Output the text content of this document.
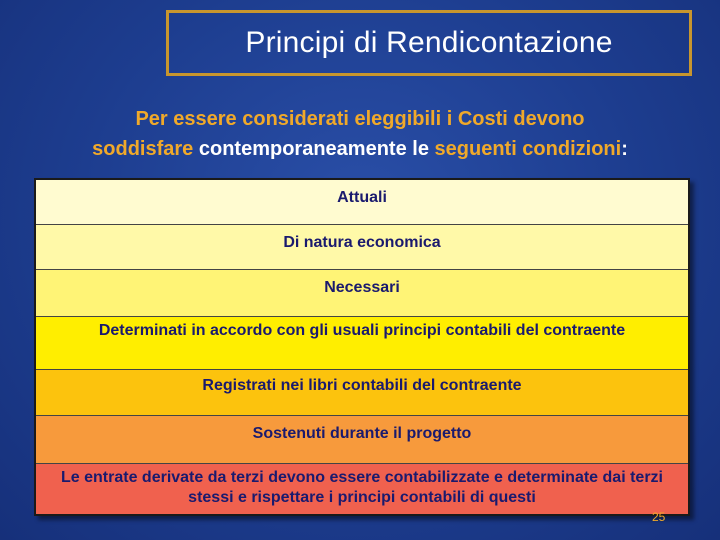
Principi di Rendicontazione
Per essere considerati eleggibili i Costi devono
soddisfare contemporaneamente le seguenti condizioni:
Attuali
Di natura economica
Necessari
Determinati in accordo con gli usuali principi contabili del contraente
Registrati nei libri contabili del contraente
Sostenuti durante il progetto
Le entrate derivate da terzi devono essere contabilizzate e determinate dai terzi stessi e rispettare i principi contabili di questi
25
